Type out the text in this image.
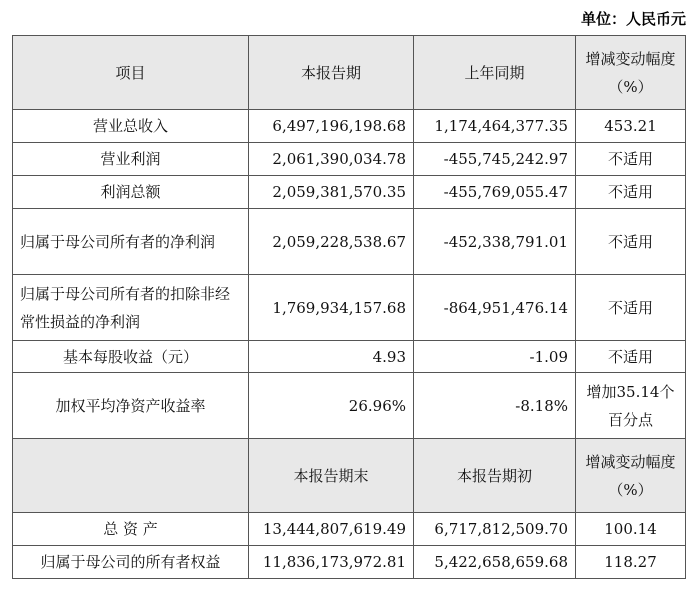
单位：人民币元
项目	本报告期	上年同期	增减变动幅度（%）
营业总收入	6,497,196,198.68	1,174,464,377.35	453.21
营业利润	2,061,390,034.78	-455,745,242.97	不适用
利润总额	2,059,381,570.35	-455,769,055.47	不适用
归属于母公司所有者的净利润	2,059,228,538.67	-452,338,791.01	不适用
归属于母公司所有者的扣除非经常性损益的净利润	1,769,934,157.68	-864,951,476.14	不适用
基本每股收益（元）	4.93	-1.09	不适用
加权平均净资产收益率	26.96%	-8.18%	增加35.14个百分点
	本报告期末	本报告期初	增减变动幅度（%）
总 资 产	13,444,807,619.49	6,717,812,509.70	100.14
归属于母公司的所有者权益	11,836,173,972.81	5,422,658,659.68	118.27
